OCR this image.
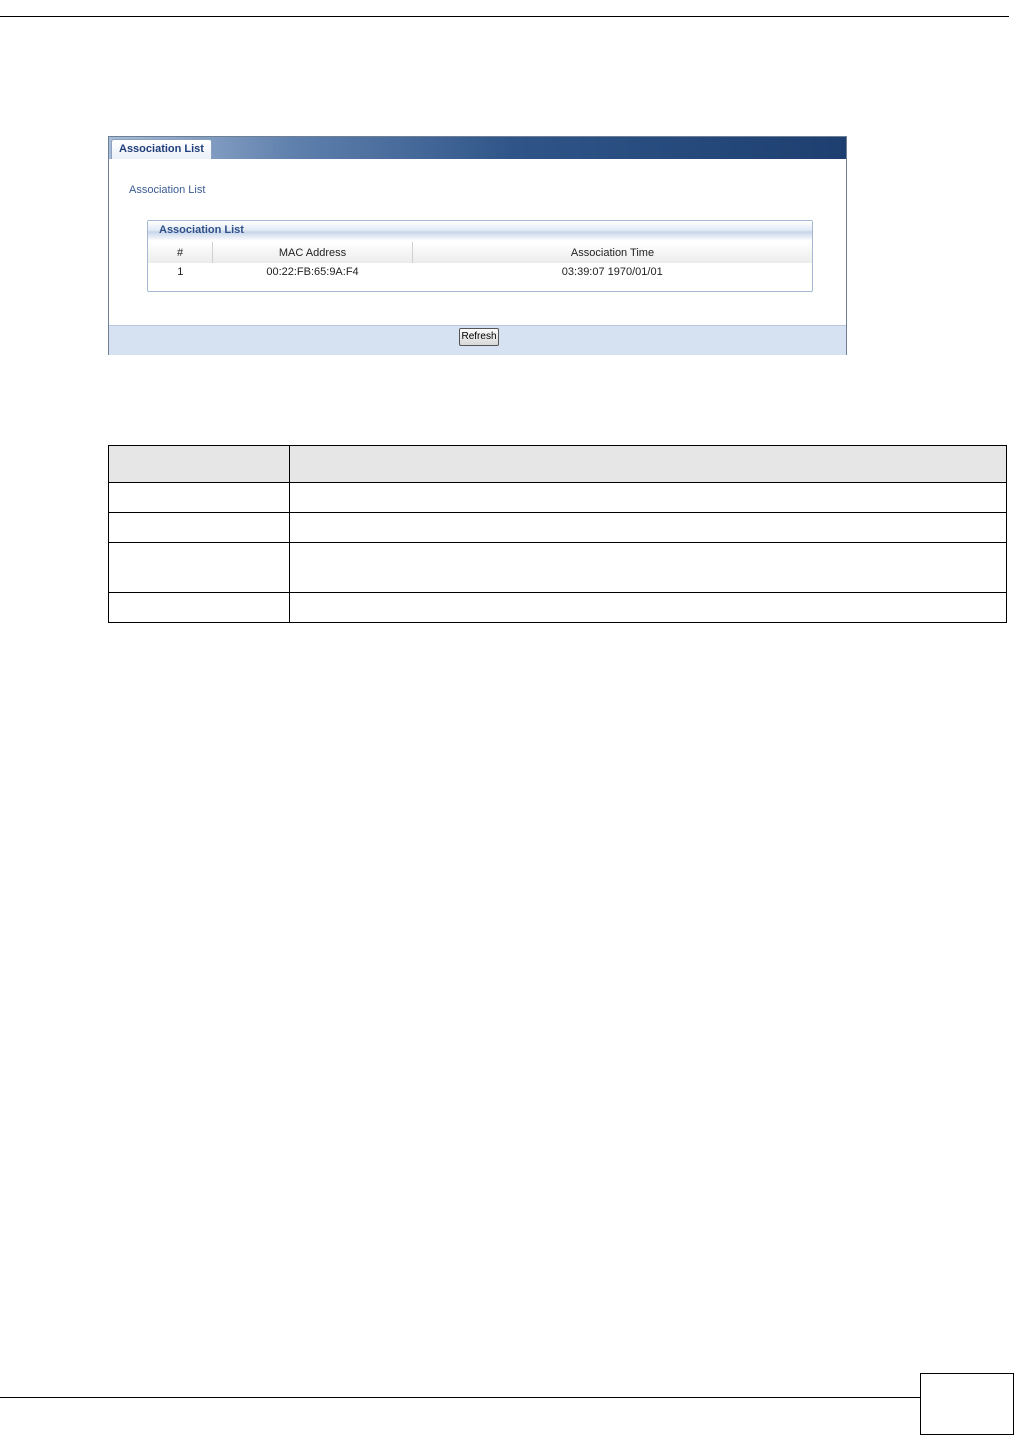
Association List
Association List
Association List
#	MAC Address	Association Time
1	00:22:FB:65:9A:F4	03:39:07 1970/01/01
Refresh
